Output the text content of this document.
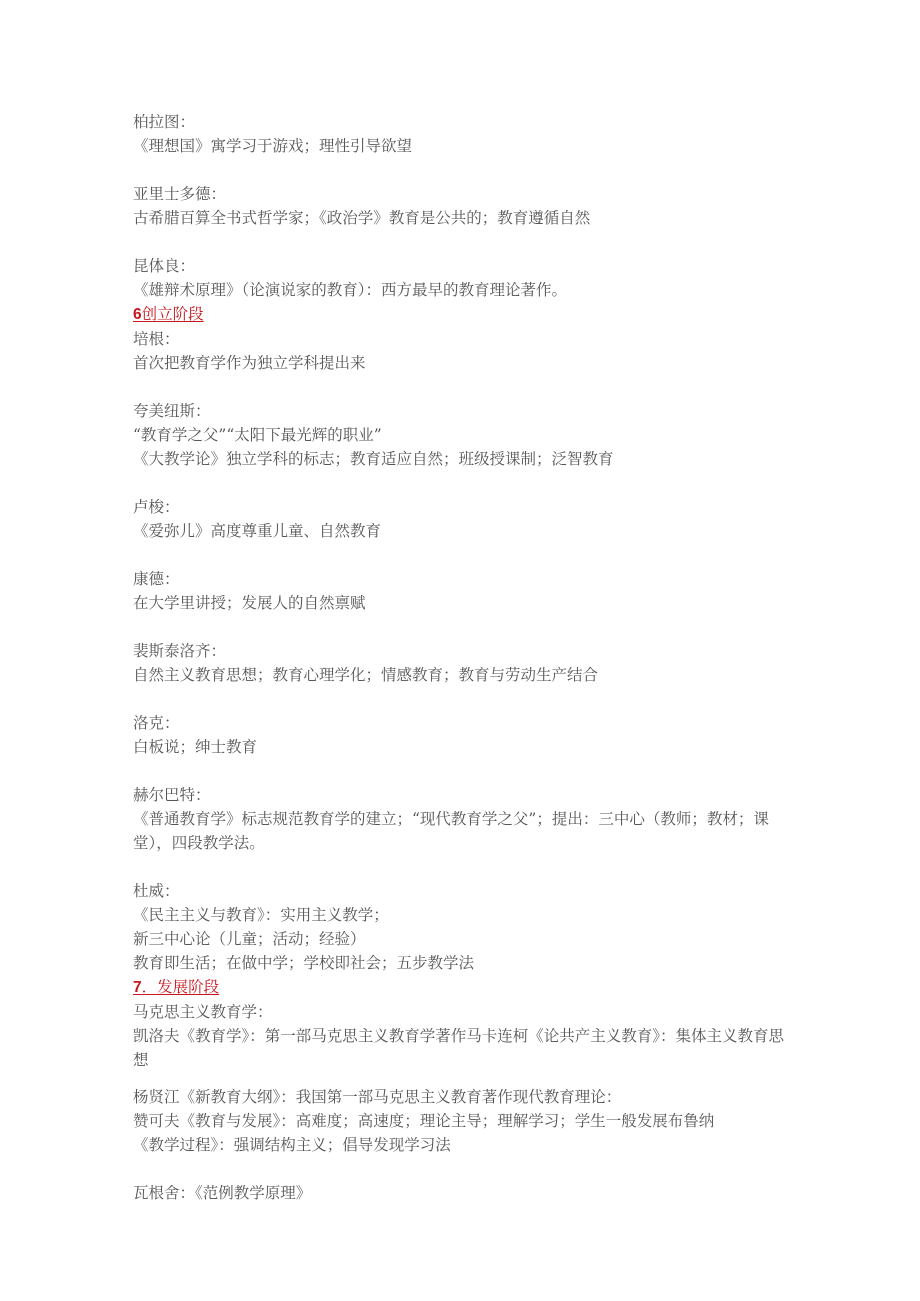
柏拉图：
《理想国》寓学习于游戏；理性引导欲望
亚里士多德：
古希腊百算全书式哲学家；《政治学》教育是公共的；教育遵循自然
昆体良：
《雄辩术原理》（论演说家的教育）：西方最早的教育理论著作。
6创立阶段
培根：
首次把教育学作为独立学科提出来
夸美纽斯：
“教育学之父”“太阳下最光辉的职业”
《大教学论》独立学科的标志；教育适应自然；班级授课制；泛智教育
卢梭：
《爱弥儿》高度尊重儿童、自然教育
康德：
在大学里讲授；发展人的自然禀赋
裴斯泰洛齐：
自然主义教育思想；教育心理学化；情感教育；教育与劳动生产结合
洛克：
白板说；绅士教育
赫尔巴特：
《普通教育学》标志规范教育学的建立；“现代教育学之父”；提出：三中心（教师；教材；课堂），四段教学法。
杜威：
《民主主义与教育》：实用主义教学；
新三中心论（儿童；活动；经验）
教育即生活；在做中学；学校即社会；五步教学法
7．发展阶段
马克思主义教育学：
凯洛夫《教育学》：第一部马克思主义教育学著作马卡连柯《论共产主义教育》：集体主义教育思想
杨贤江《新教育大纲》：我国第一部马克思主义教育著作现代教育理论：
赞可夫《教育与发展》：高难度；高速度；理论主导；理解学习；学生一般发展布鲁纳
《教学过程》：强调结构主义；倡导发现学习法
瓦根舍：《范例教学原理》
